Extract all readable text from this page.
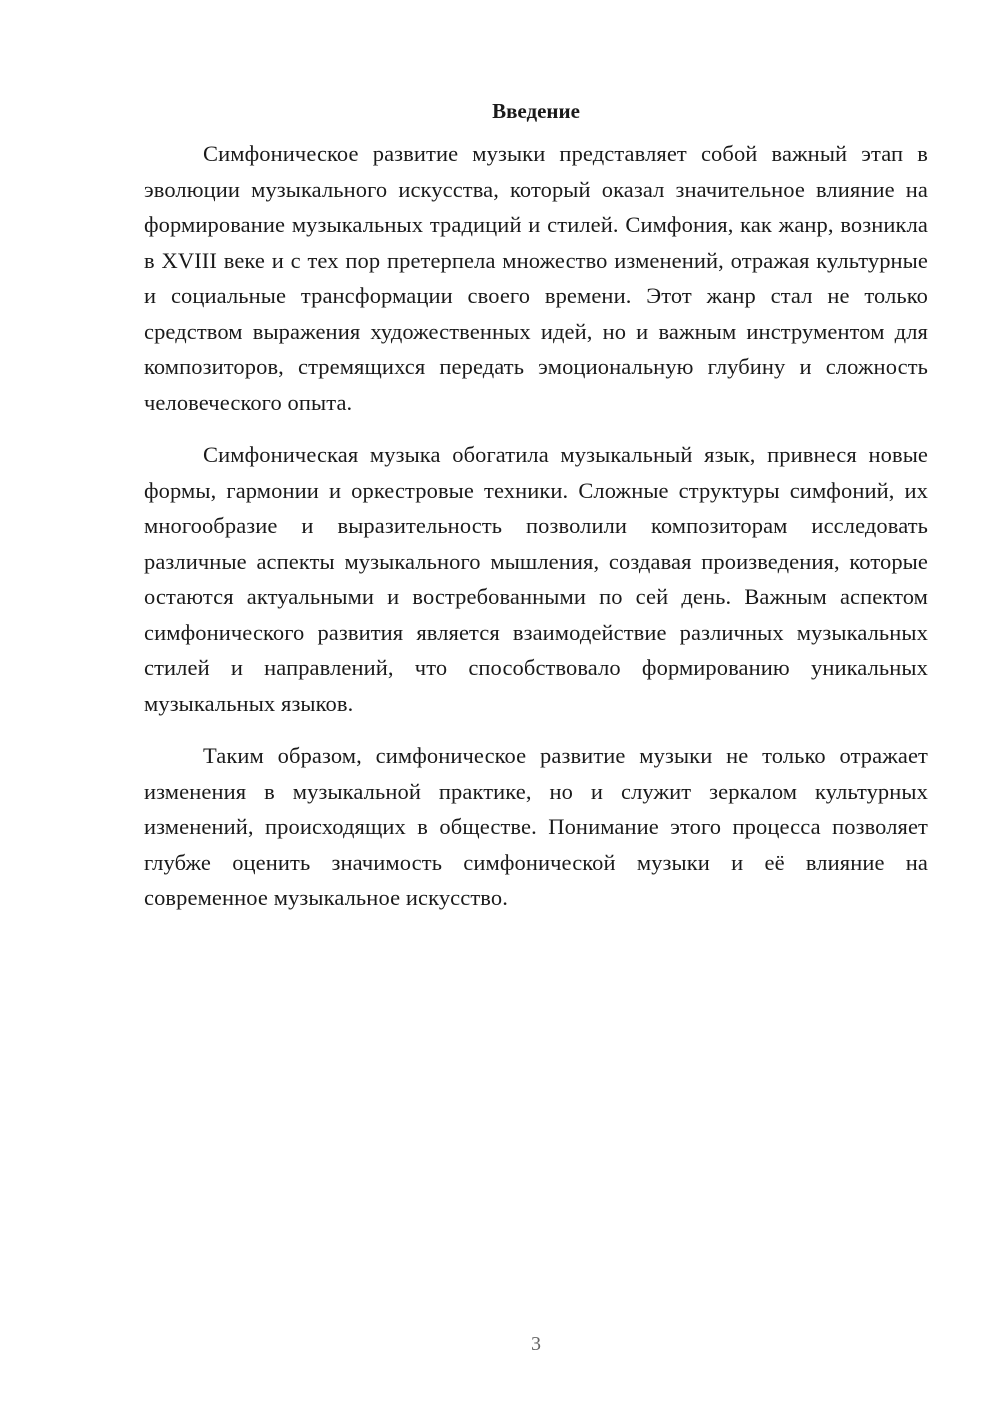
Введение

Симфоническое развитие музыки представляет собой важный этап в эволюции музыкального искусства, который оказал значительное влияние на формирование музыкальных традиций и стилей. Симфония, как жанр, возникла в XVIII веке и с тех пор претерпела множество изменений, отражая культурные и социальные трансформации своего времени. Этот жанр стал не только средством выражения художественных идей, но и важным инструментом для композиторов, стремящихся передать эмоциональную глубину и сложность человеческого опыта.

Симфоническая музыка обогатила музыкальный язык, привнеся новые формы, гармонии и оркестровые техники. Сложные структуры симфоний, их многообразие и выразительность позволили композиторам исследовать различные аспекты музыкального мышления, создавая произведения, которые остаются актуальными и востребованными по сей день. Важным аспектом симфонического развития является взаимодействие различных музыкальных стилей и направлений, что способствовало формированию уникальных музыкальных языков.

Таким образом, симфоническое развитие музыки не только отражает изменения в музыкальной практике, но и служит зеркалом культурных изменений, происходящих в обществе. Понимание этого процесса позволяет глубже оценить значимость симфонической музыки и её влияние на современное музыкальное искусство.

3
